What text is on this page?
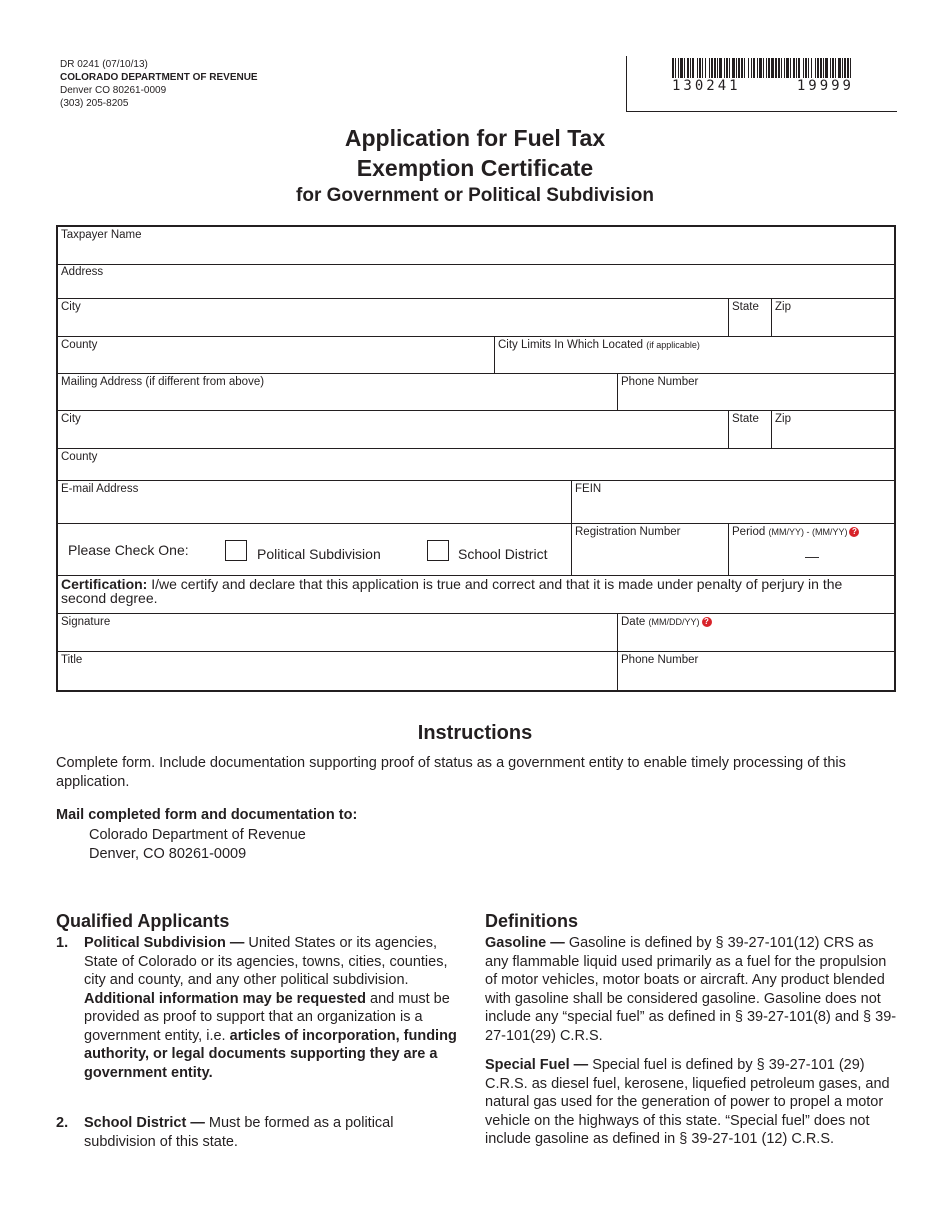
DR 0241 (07/10/13)
COLORADO DEPARTMENT OF REVENUE
Denver CO 80261-0009
(303) 205-8205
130241	19999
Application for Fuel Tax
Exemption Certificate
for Government or Political Subdivision
Taxpayer Name
Address
City	State Zip
County	City Limits In Which Located (if applicable)
Mailing Address (if different from above)	Phone Number
City	State Zip
County
E-mail Address	FEIN
Please Check One:	Political Subdivision	School District
Registration Number	Period (MM/YY) - (MM/YY) ?
—
Certification: I/we certify and declare that this application is true and correct and that it is made under penalty of perjury in the second degree.
Signature	Date (MM/DD/YY) ?
Title	Phone Number
Instructions
Complete form. Include documentation supporting proof of status as a government entity to enable timely processing of this application.
Mail completed form and documentation to:
Colorado Department of Revenue
Denver, CO 80261-0009
Qualified Applicants
1. Political Subdivision — United States or its agencies, State of Colorado or its agencies, towns, cities, counties, city and county, and any other political subdivision. Additional information may be requested and must be provided as proof to support that an organization is a government entity, i.e. articles of incorporation, funding authority, or legal documents supporting they are a government entity.
2. School District — Must be formed as a political subdivision of this state.
Definitions
Gasoline — Gasoline is defined by § 39-27-101(12) CRS as any flammable liquid used primarily as a fuel for the propulsion of motor vehicles, motor boats or aircraft. Any product blended with gasoline shall be considered gasoline. Gasoline does not include any “special fuel” as defined in § 39-27-101(8) and § 39-27-101(29) C.R.S.
Special Fuel — Special fuel is defined by § 39-27-101 (29) C.R.S. as diesel fuel, kerosene, liquefied petroleum gases, and natural gas used for the generation of power to propel a motor vehicle on the highways of this state. “Special fuel” does not include gasoline as defined in § 39-27-101 (12) C.R.S.
